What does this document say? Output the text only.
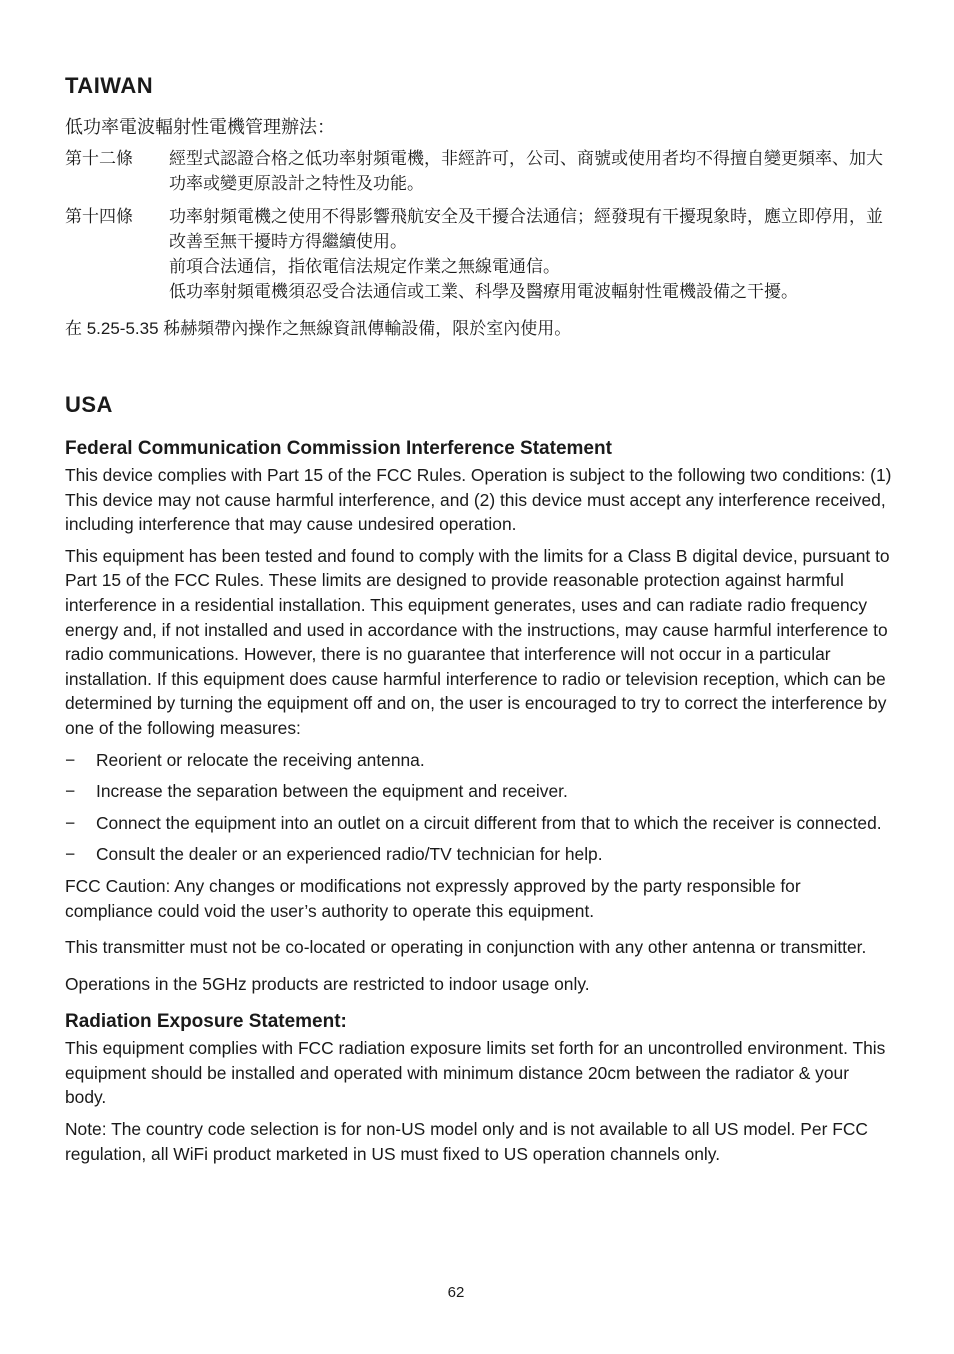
TAIWAN
低功率電波輻射性電機管理辦法：
第十二條	經型式認證合格之低功率射頻電機，非經許可，公司、商號或使用者均不得擅自變更頻率、加大功率或變更原設計之特性及功能。

第十四條	功率射頻電機之使用不得影響飛航安全及干擾合法通信；經發現有干擾現象時，應立即停用，並改善至無干擾時方得繼續使用。

前項合法通信，指依電信法規定作業之無線電通信。

低功率射頻電機須忍受合法通信或工業、科學及醫療用電波輻射性電機設備之干擾。

在 5.25-5.35 秭赫頻帶內操作之無線資訊傳輸設備，限於室內使用。
USA
Federal Communication Commission Interference Statement

This device complies with Part 15 of the FCC Rules. Operation is subject to the following two conditions: (1) This device may not cause harmful interference, and (2) this device must accept any interference received, including interference that may cause undesired operation.

This equipment has been tested and found to comply with the limits for a Class B digital device, pursuant to Part 15 of the FCC Rules. These limits are designed to provide reasonable protection against harmful interference in a residential installation. This equipment generates, uses and can radiate radio frequency energy and, if not installed and used in accordance with the instructions, may cause harmful interference to radio communications. However, there is no guarantee that interference will not occur in a particular installation. If this equipment does cause harmful interference to radio or television reception, which can be determined by turning the equipment off and on, the user is encouraged to try to correct the interference by one of the following measures:

− Reorient or relocate the receiving antenna.
− Increase the separation between the equipment and receiver.
− Connect the equipment into an outlet on a circuit different from that to which the receiver is connected.
− Consult the dealer or an experienced radio/TV technician for help.

FCC Caution: Any changes or modifications not expressly approved by the party responsible for compliance could void the user’s authority to operate this equipment.

This transmitter must not be co-located or operating in conjunction with any other antenna or transmitter.

Operations in the 5GHz products are restricted to indoor usage only.

Radiation Exposure Statement:

This equipment complies with FCC radiation exposure limits set forth for an uncontrolled environment. This equipment should be installed and operated with minimum distance 20cm between the radiator & your body.

Note: The country code selection is for non-US model only and is not available to all US model. Per FCC regulation, all WiFi product marketed in US must fixed to US operation channels only.

62
